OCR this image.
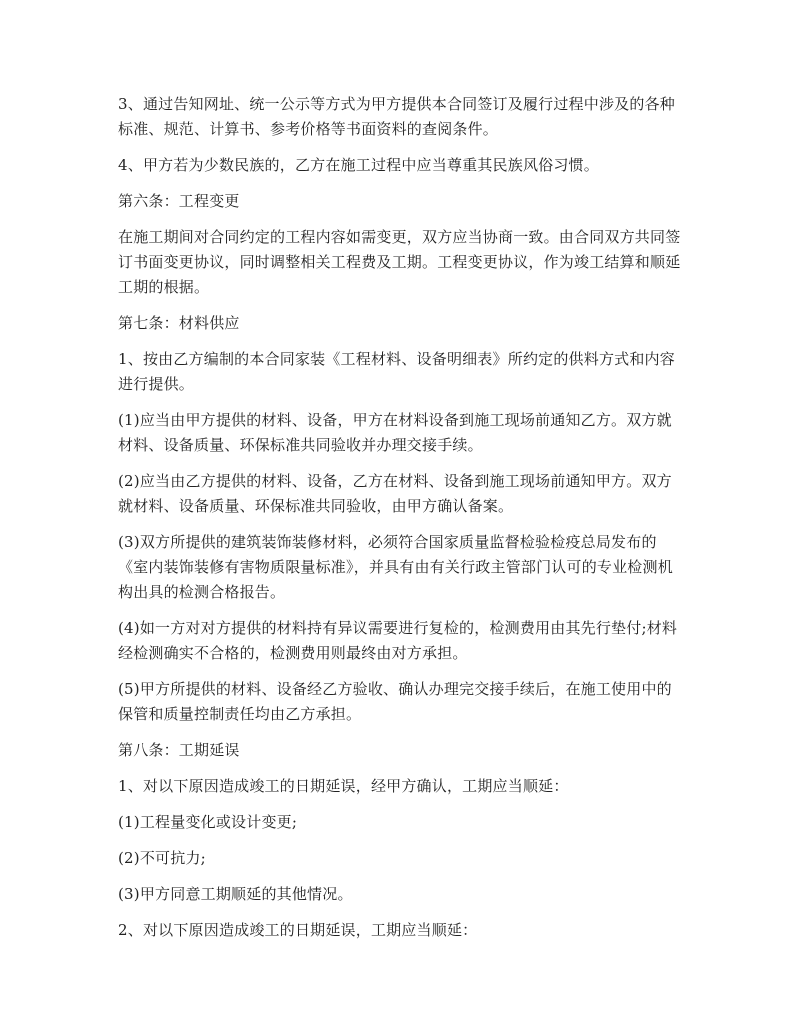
3、通过告知网址、统一公示等方式为甲方提供本合同签订及履行过程中涉及的各种标准、规范、计算书、参考价格等书面资料的查阅条件。

4、甲方若为少数民族的，乙方在施工过程中应当尊重其民族风俗习惯。

第六条：工程变更

在施工期间对合同约定的工程内容如需变更，双方应当协商一致。由合同双方共同签订书面变更协议，同时调整相关工程费及工期。工程变更协议，作为竣工结算和顺延工期的根据。

第七条：材料供应

1、按由乙方编制的本合同家装《工程材料、设备明细表》所约定的供料方式和内容进行提供。

(1)应当由甲方提供的材料、设备，甲方在材料设备到施工现场前通知乙方。双方就材料、设备质量、环保标准共同验收并办理交接手续。

(2)应当由乙方提供的材料、设备，乙方在材料、设备到施工现场前通知甲方。双方就材料、设备质量、环保标准共同验收，由甲方确认备案。

(3)双方所提供的建筑装饰装修材料，必须符合国家质量监督检验检疫总局发布的《室内装饰装修有害物质限量标准》，并具有由有关行政主管部门认可的专业检测机构出具的检测合格报告。

(4)如一方对对方提供的材料持有异议需要进行复检的，检测费用由其先行垫付;材料经检测确实不合格的，检测费用则最终由对方承担。

(5)甲方所提供的材料、设备经乙方验收、确认办理完交接手续后，在施工使用中的保管和质量控制责任均由乙方承担。

第八条：工期延误

1、对以下原因造成竣工的日期延误，经甲方确认，工期应当顺延：

(1)工程量变化或设计变更;

(2)不可抗力;

(3)甲方同意工期顺延的其他情况。

2、对以下原因造成竣工的日期延误，工期应当顺延：
